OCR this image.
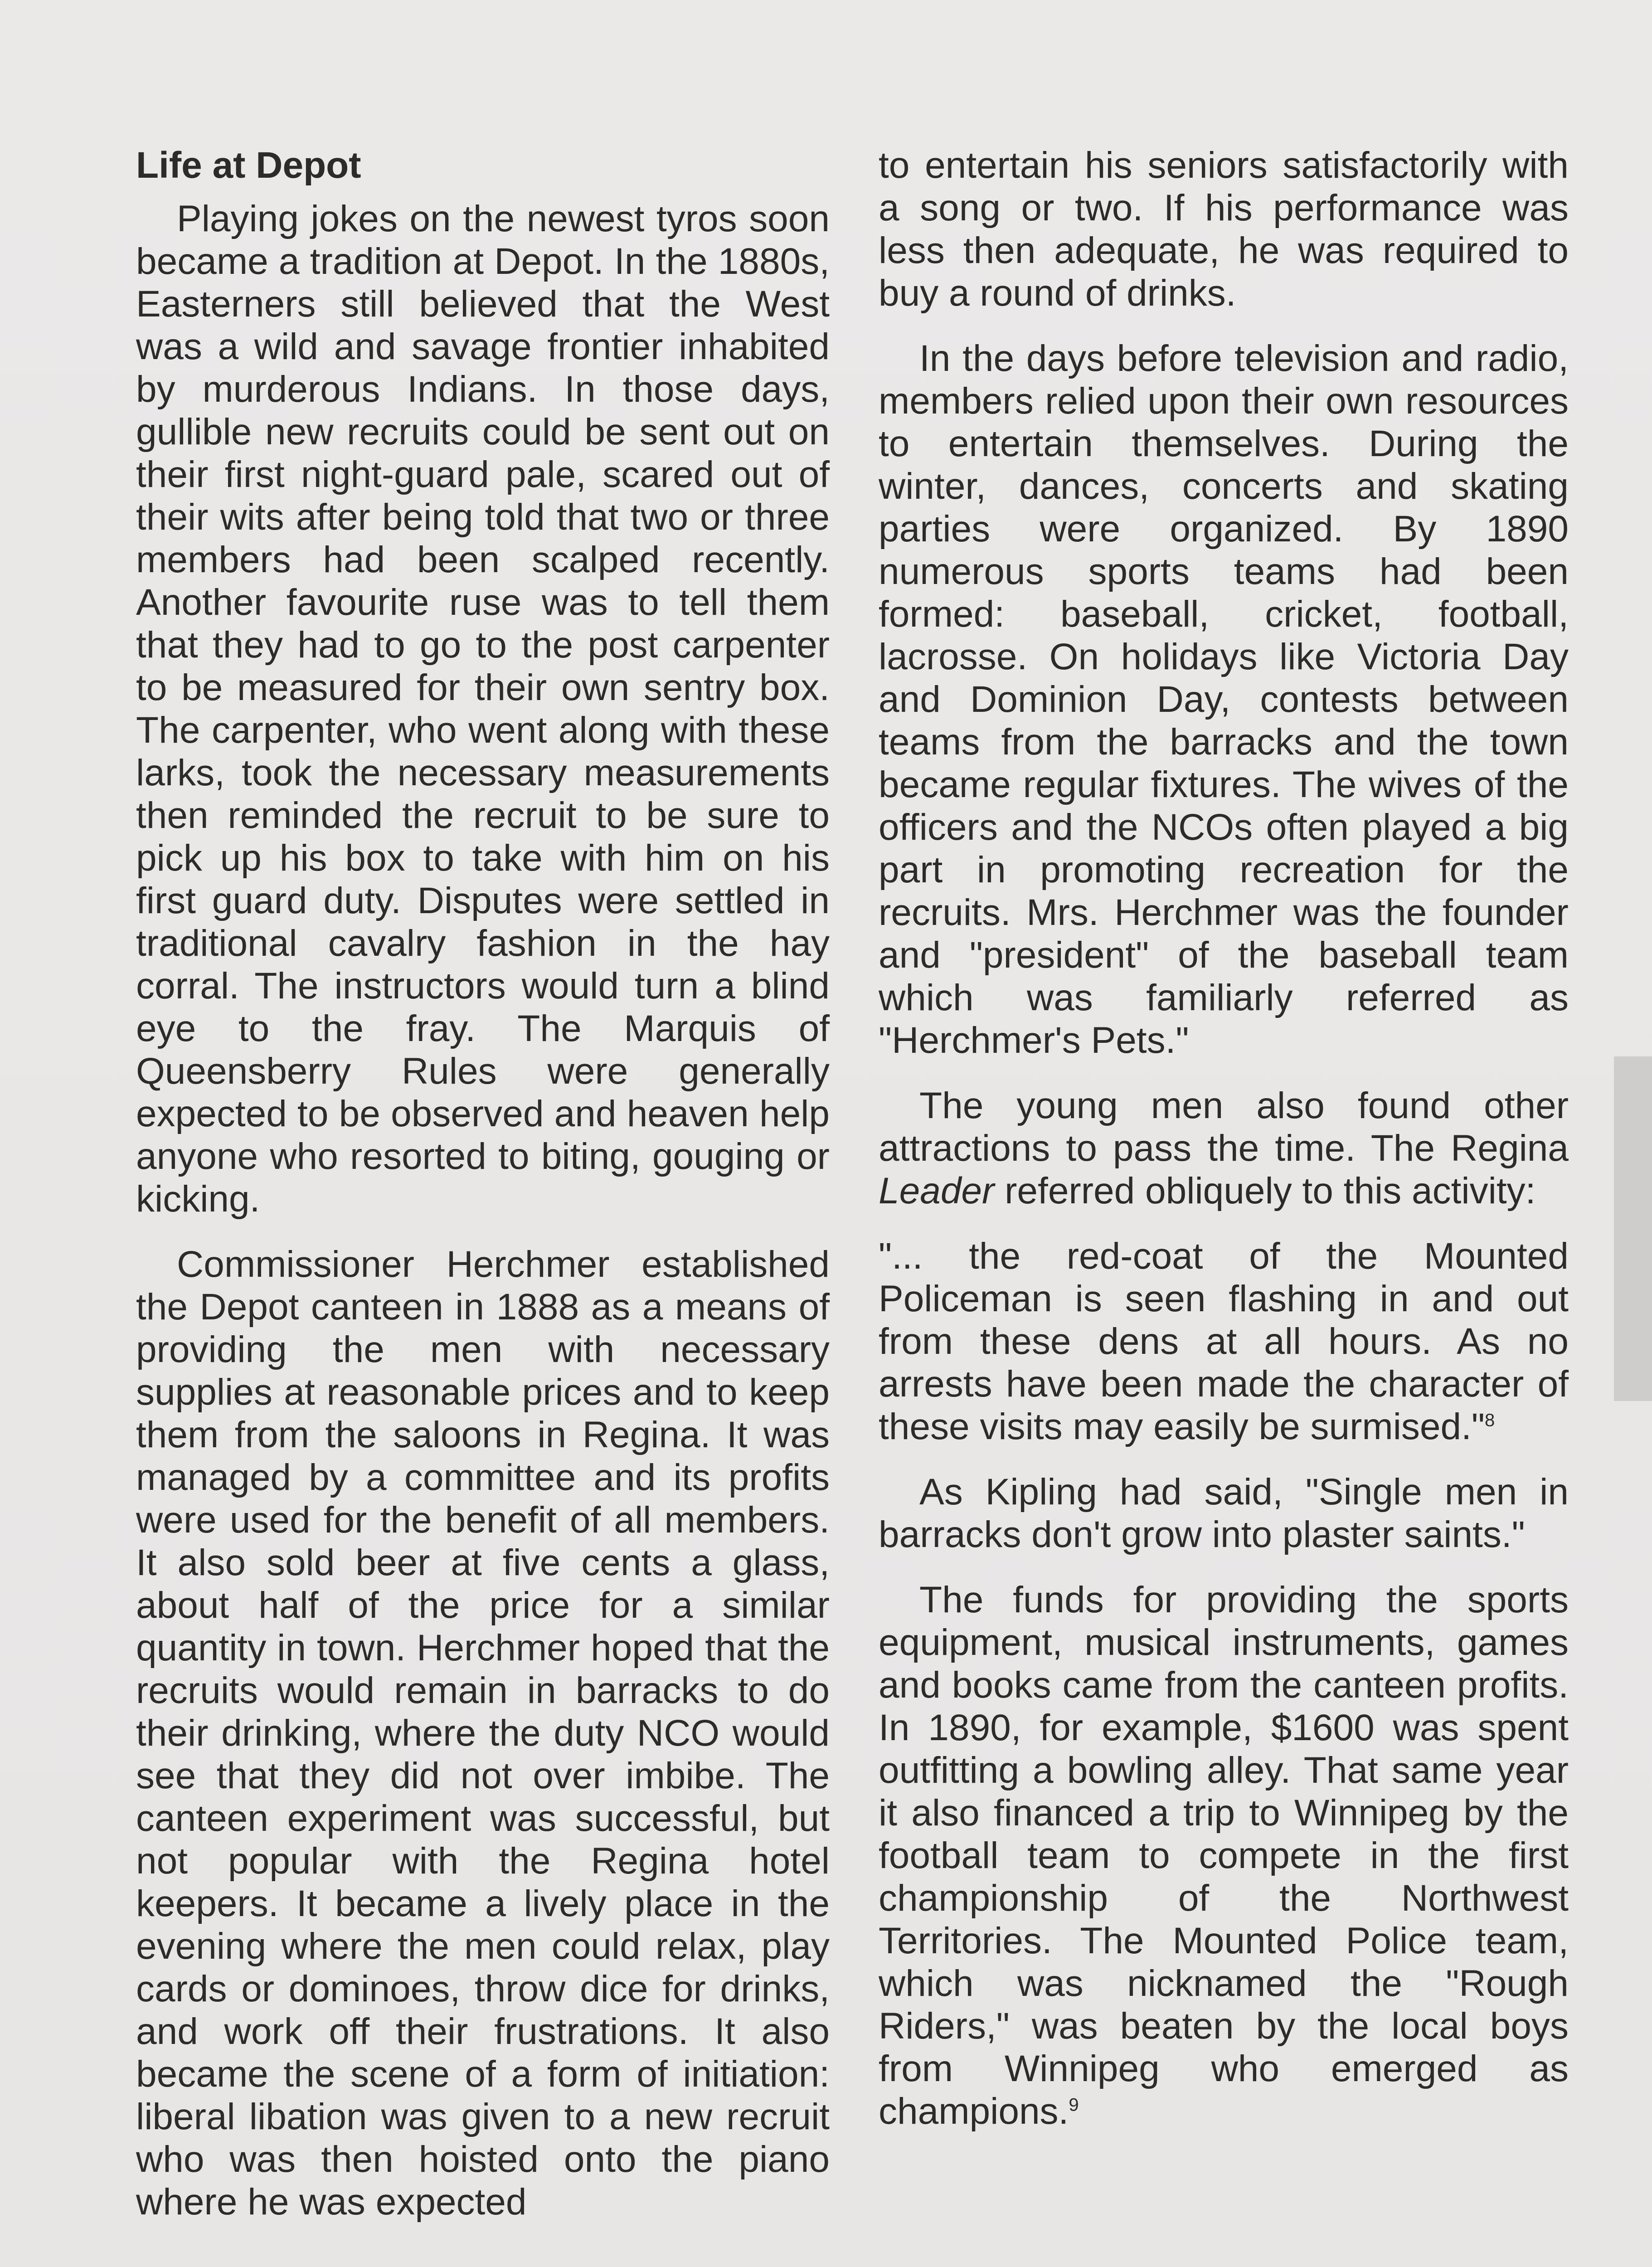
Life at Depot

Playing jokes on the newest tyros soon became a tradition at Depot. In the 1880s, Easterners still believed that the West was a wild and savage frontier inhabited by murderous Indians. In those days, gullible new recruits could be sent out on their first night-guard pale, scared out of their wits after being told that two or three members had been scalped recently. Another favourite ruse was to tell them that they had to go to the post carpenter to be measured for their own sentry box. The carpenter, who went along with these larks, took the necessary measurements then reminded the recruit to be sure to pick up his box to take with him on his first guard duty. Disputes were settled in traditional cavalry fashion in the hay corral. The instructors would turn a blind eye to the fray. The Marquis of Queensberry Rules were generally expected to be observed and heaven help anyone who resorted to biting, gouging or kicking.

Commissioner Herchmer established the Depot canteen in 1888 as a means of providing the men with necessary supplies at reasonable prices and to keep them from the saloons in Regina. It was managed by a committee and its profits were used for the benefit of all members. It also sold beer at five cents a glass, about half of the price for a similar quantity in town. Herchmer hoped that the recruits would remain in barracks to do their drinking, where the duty NCO would see that they did not over imbibe. The canteen experiment was successful, but not popular with the Regina hotel keepers. It became a lively place in the evening where the men could relax, play cards or dominoes, throw dice for drinks, and work off their frustrations. It also became the scene of a form of initiation: liberal libation was given to a new recruit who was then hoisted onto the piano where he was expected

to entertain his seniors satisfactorily with a song or two. If his performance was less then adequate, he was required to buy a round of drinks.

In the days before television and radio, members relied upon their own resources to entertain themselves. During the winter, dances, concerts and skating parties were organized. By 1890 numerous sports teams had been formed: baseball, cricket, football, lacrosse. On holidays like Victoria Day and Dominion Day, contests between teams from the barracks and the town became regular fixtures. The wives of the officers and the NCOs often played a big part in promoting recreation for the recruits. Mrs. Herchmer was the founder and "president" of the baseball team which was familiarly referred as "Herchmer's Pets."

The young men also found other attractions to pass the time. The Regina Leader referred obliquely to this activity:

"... the red-coat of the Mounted Policeman is seen flashing in and out from these dens at all hours. As no arrests have been made the character of these visits may easily be surmised."$^8$

As Kipling had said, "Single men in barracks don't grow into plaster saints."

The funds for providing the sports equipment, musical instruments, games and books came from the canteen profits. In 1890, for example, $1600 was spent outfitting a bowling alley. That same year it also financed a trip to Winnipeg by the football team to compete in the first championship of the Northwest Territories. The Mounted Police team, which was nicknamed the "Rough Riders," was beaten by the local boys from Winnipeg who emerged as champions.$^9$
